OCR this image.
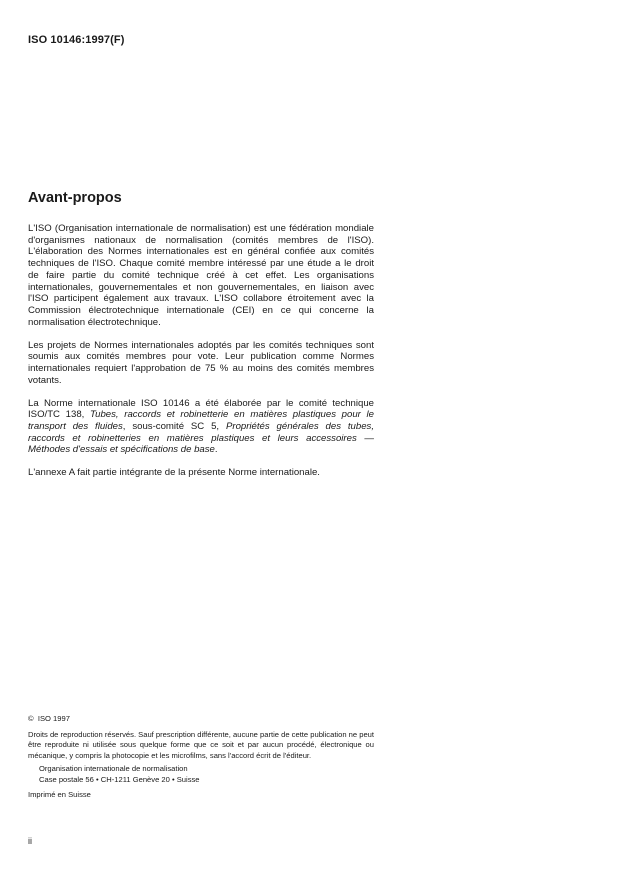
ISO 10146:1997(F)
Avant-propos

L'ISO (Organisation internationale de normalisation) est une fédération mondiale d'organismes nationaux de normalisation (comités membres de l'ISO). L'élaboration des Normes internationales est en général confiée aux comités techniques de l'ISO. Chaque comité membre intéressé par une étude a le droit de faire partie du comité technique créé à cet effet. Les organisations internationales, gouvernementales et non gouvernementales, en liaison avec l'ISO participent également aux travaux. L'ISO collabore étroitement avec la Commission électrotechnique internationale (CEI) en ce qui concerne la normalisation électrotechnique.

Les projets de Normes internationales adoptés par les comités techniques sont soumis aux comités membres pour vote. Leur publication comme Normes internationales requiert l'approbation de 75 % au moins des comités membres votants.

La Norme internationale ISO 10146 a été élaborée par le comité technique ISO/TC 138, Tubes, raccords et robinetterie en matières plastiques pour le transport des fluides, sous-comité SC 5, Propriétés générales des tubes, raccords et robinetteries en matières plastiques et leurs accessoires — Méthodes d'essais et spécifications de base.

L'annexe A fait partie intégrante de la présente Norme internationale.

© ISO 1997
Droits de reproduction réservés. Sauf prescription différente, aucune partie de cette publication ne peut être reproduite ni utilisée sous quelque forme que ce soit et par aucun procédé, électronique ou mécanique, y compris la photocopie et les microfilms, sans l'accord écrit de l'éditeur.
Organisation internationale de normalisation
Case postale 56 • CH-1211 Genève 20 • Suisse
Imprimé en Suisse
ii
